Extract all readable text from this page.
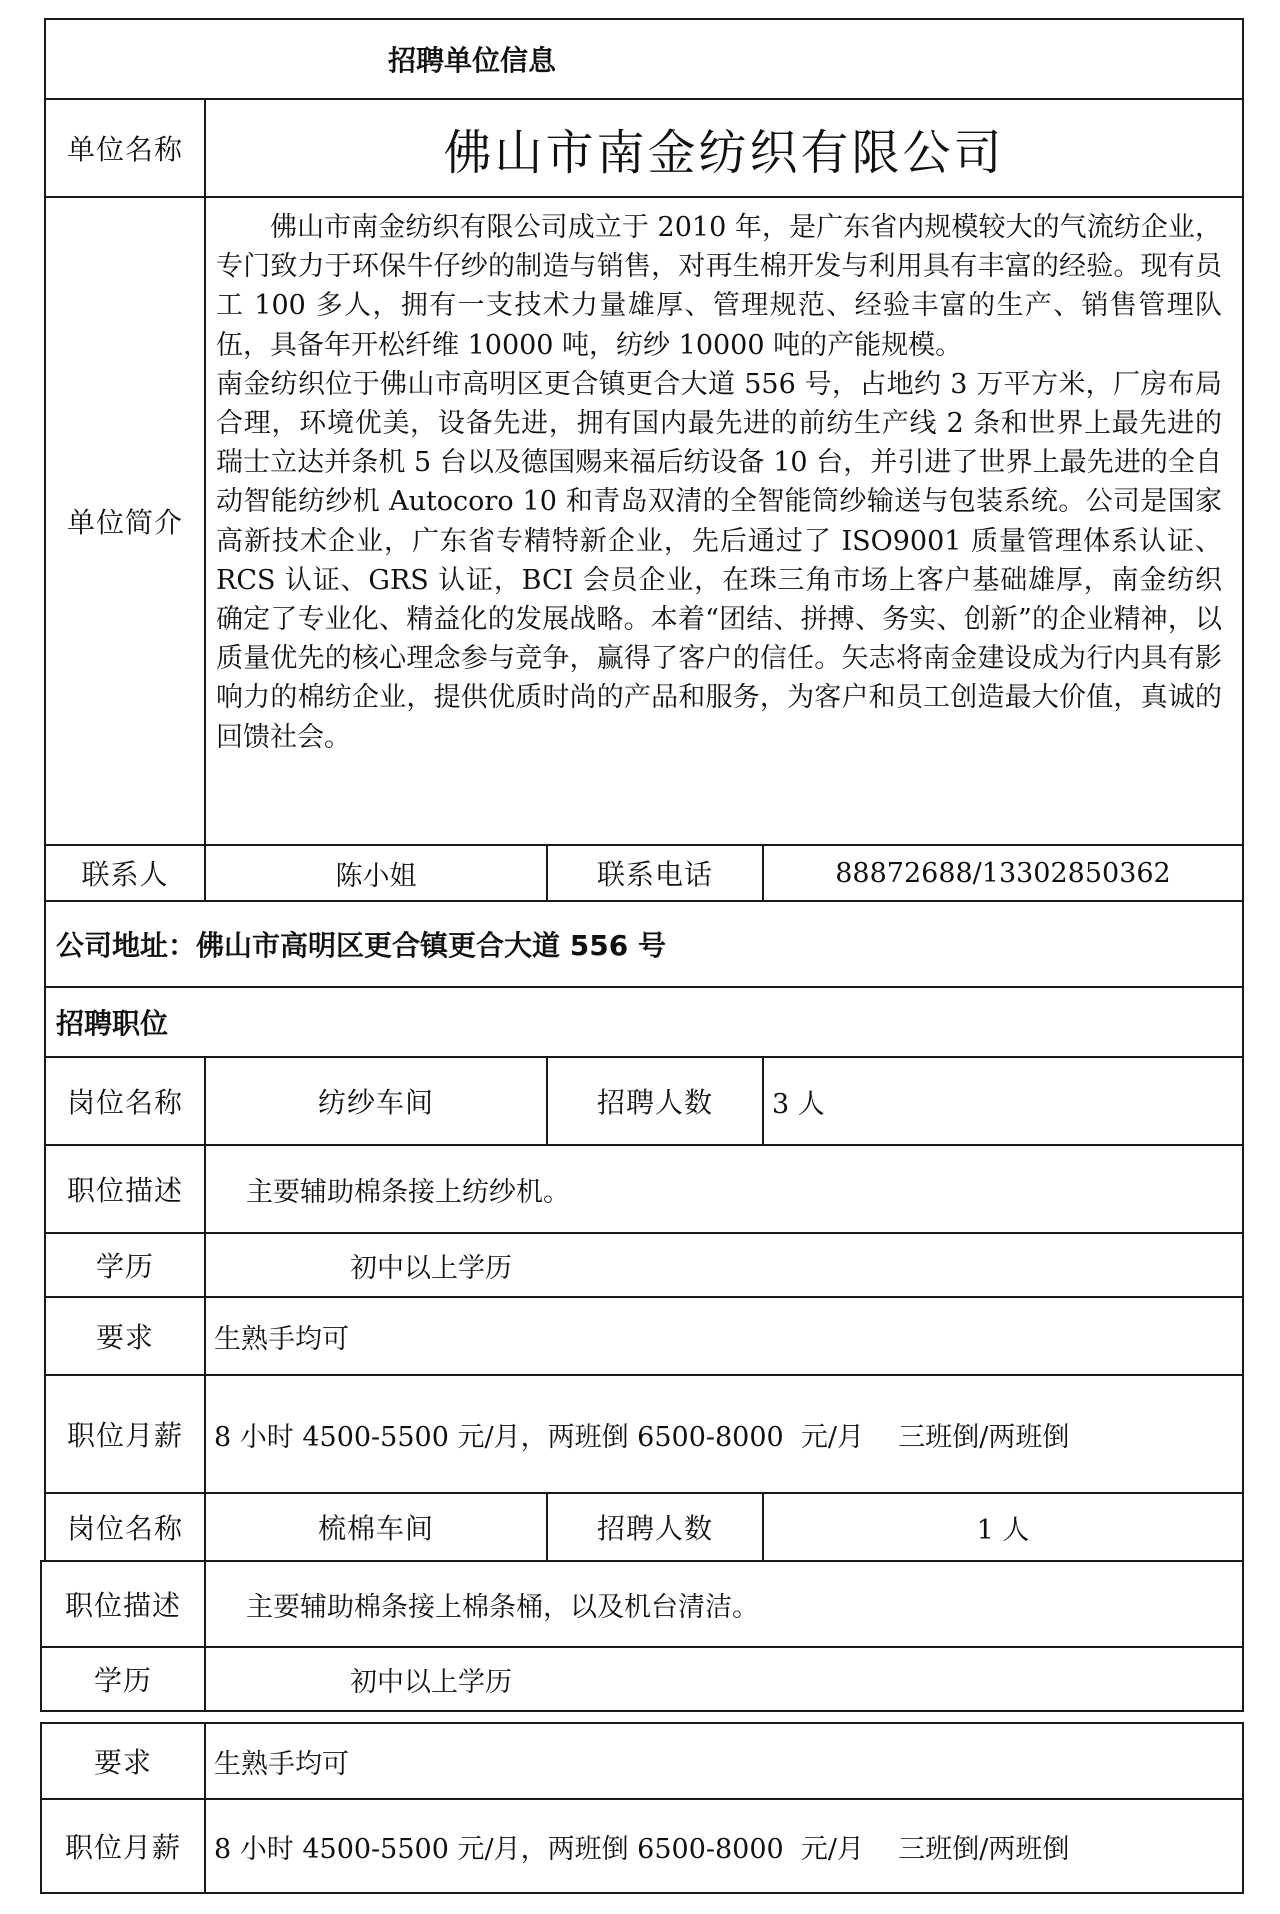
招聘单位信息
单位名称	佛山市南金纺织有限公司
单位简介

佛山市南金纺织有限公司成立于 2010 年，是广东省内规模较大的气流纺企业，专门致力于环保牛仔纱的制造与销售，对再生棉开发与利用具有丰富的经验。现有员工 100 多人，拥有一支技术力量雄厚、管理规范、经验丰富的生产、销售管理队伍，具备年开松纤维 10000 吨，纺纱 10000 吨的产能规模。

南金纺织位于佛山市高明区更合镇更合大道 556 号，占地约 3 万平方米，厂房布局合理，环境优美，设备先进，拥有国内最先进的前纺生产线 2 条和世界上最先进的瑞士立达并条机 5 台以及德国赐来福后纺设备 10 台，并引进了世界上最先进的全自动智能纺纱机 Autocoro 10 和青岛双清的全智能筒纱输送与包装系统。公司是国家高新技术企业，广东省专精特新企业，先后通过了 ISO9001 质量管理体系认证、RCS 认证、GRS 认证，BCI 会员企业，在珠三角市场上客户基础雄厚，南金纺织确定了专业化、精益化的发展战略。本着“团结、拼搏、务实、创新”的企业精神，以质量优先的核心理念参与竞争，赢得了客户的信任。矢志将南金建设成为行内具有影响力的棉纺企业，提供优质时尚的产品和服务，为客户和员工创造最大价值，真诚的回馈社会。

联系人	陈小姐	联系电话	88872688/13302850362
公司地址：佛山市高明区更合镇更合大道 556 号
招聘职位
岗位名称	纺纱车间	招聘人数 3 人
职位描述 主要辅助棉条接上纺纱机。
学历	初中以上学历
要求 生熟手均可
职位月薪 8 小时 4500-5500 元/月，两班倒 6500-8000  元/月    三班倒/两班倒
岗位名称	梳棉车间	招聘人数	1 人
职位描述 主要辅助棉条接上棉条桶，以及机台清洁。
学历	初中以上学历
要求 生熟手均可
职位月薪 8 小时 4500-5500 元/月，两班倒 6500-8000  元/月    三班倒/两班倒
